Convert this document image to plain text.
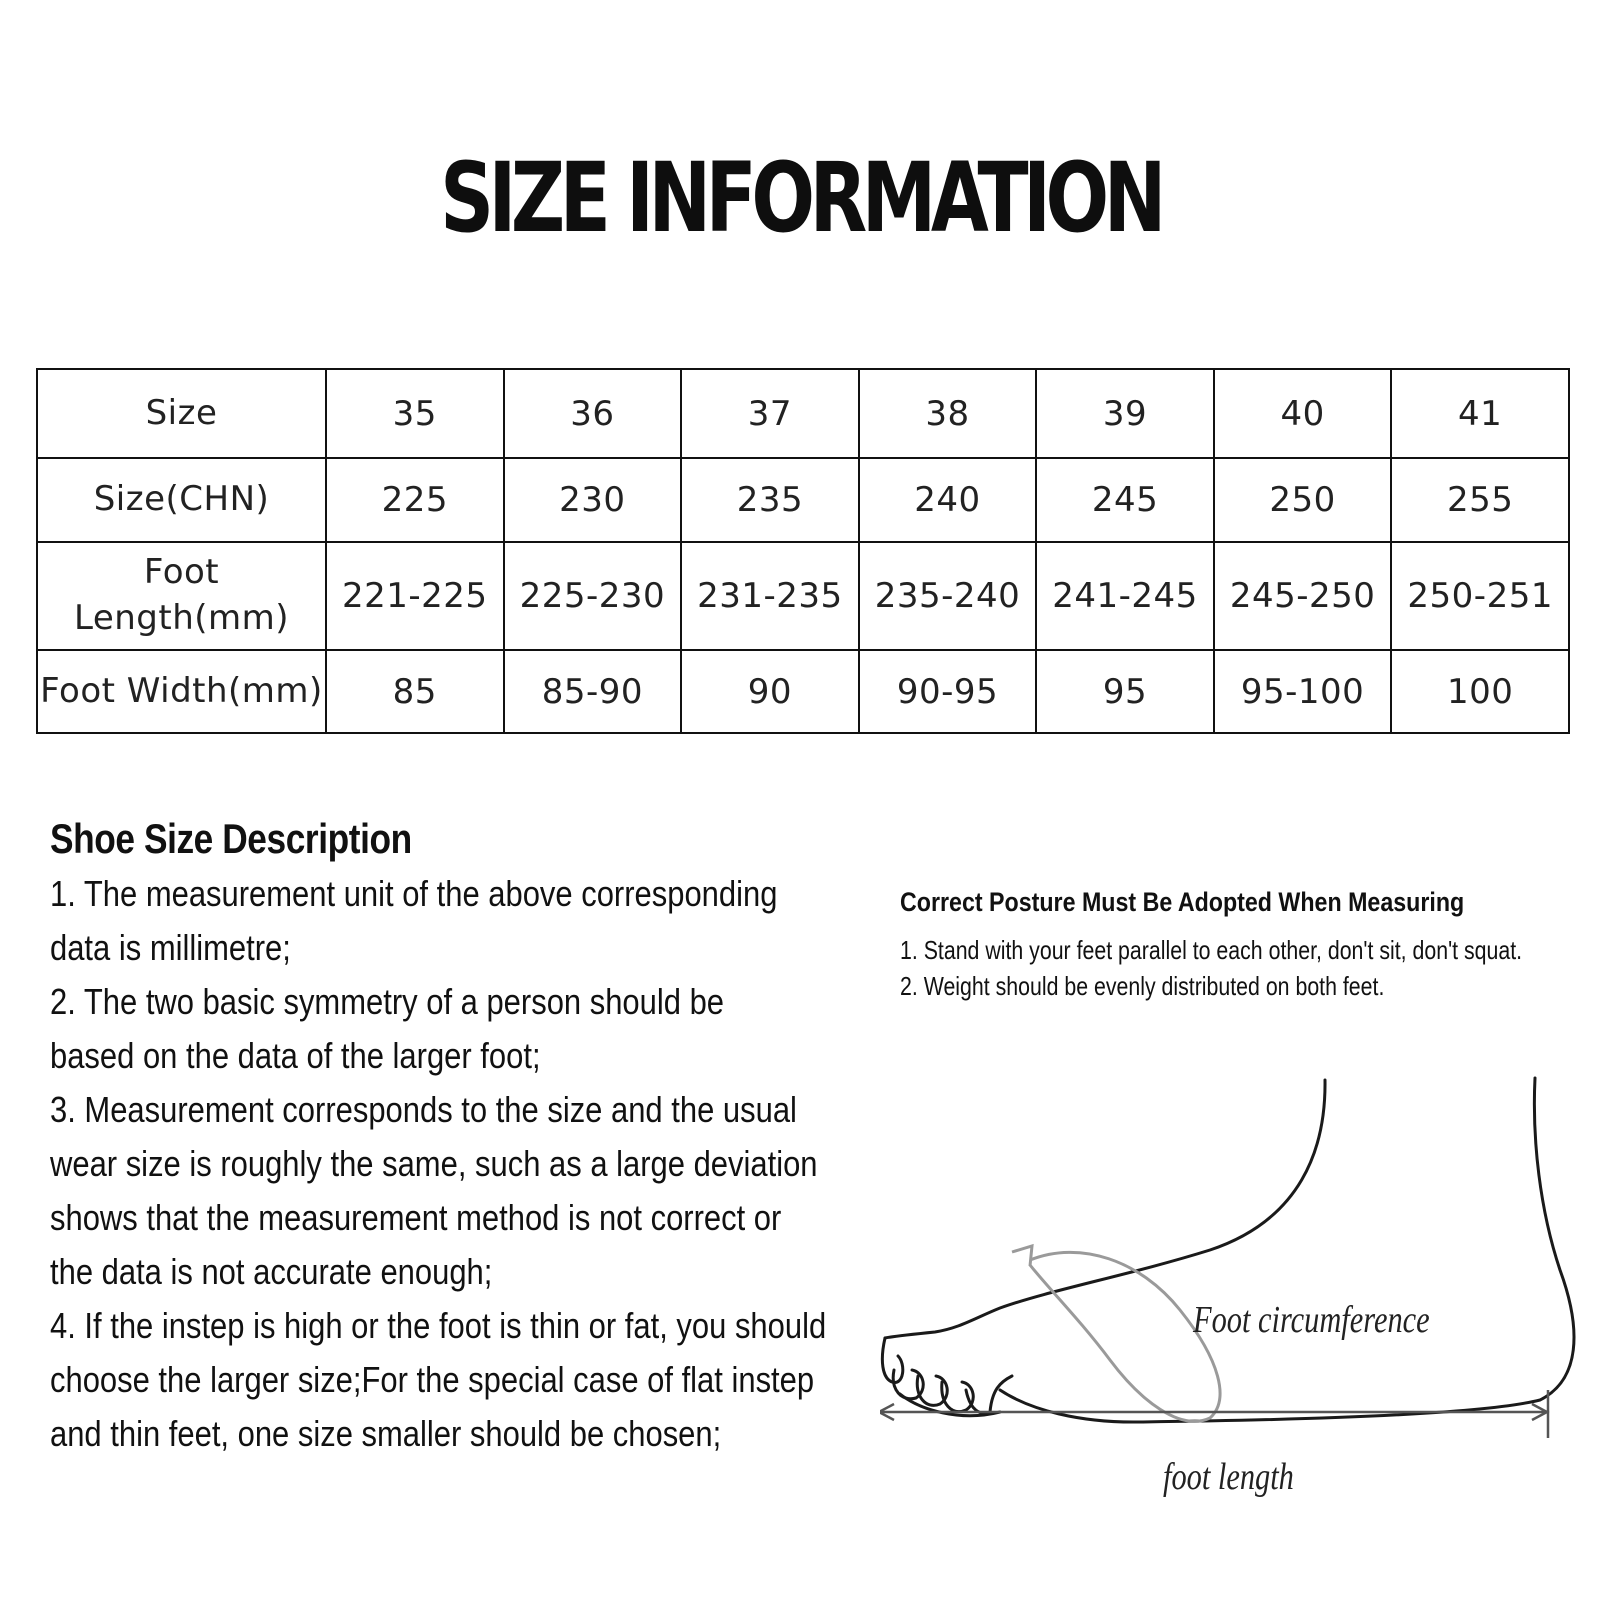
SIZE INFORMATION
Size	35	36	37	38	39	40	41
Size(CHN)	225	230	235	240	245	250	255

Foot
Length(mm)	221-225	225-230	231-235	235-240	241-245	245-250	250-251
Foot Width(mm)	85	85-90	90	90-95	95	95-100	100
Shoe Size Description

1. The measurement unit of the above corresponding

data is millimetre;

2. The two basic symmetry of a person should be

based on the data of the larger foot;

3. Measurement corresponds to the size and the usual

wear size is roughly the same, such as a large deviation

shows that the measurement method is not correct or

the data is not accurate enough;

4. If the instep is high or the foot is thin or fat, you should

choose the larger size;For the special case of flat instep

and thin feet, one size smaller should be chosen;

Correct Posture Must Be Adopted When Measuring

1. Stand with your feet parallel to each other, don't sit, don't squat.

2. Weight should be evenly distributed on both feet.

Foot circumference
foot length
